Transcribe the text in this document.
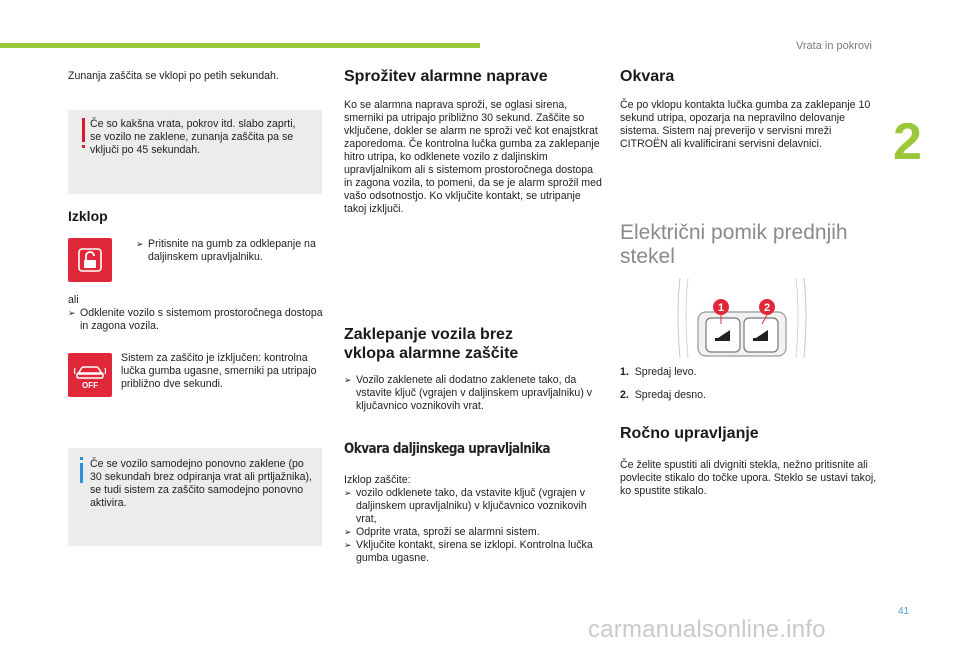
Vrata in pokrovi
2
Zunanja zaščita se vklopi po petih sekundah.
Če so kakšna vrata, pokrov itd. slabo zaprti, se vozilo ne zaklene, zunanja zaščita pa se vključi po 45 sekundah.
Izklop
➢ Pritisnite na gumb za odklepanje na daljinskem upravljalniku.
ali
➢ Odklenite vozilo s sistemom prostoročnega dostopa in zagona vozila.
OFF
Sistem za zaščito je izključen: kontrolna lučka gumba ugasne, smerniki pa utripajo približno dve sekundi.
Če se vozilo samodejno ponovno zaklene (po 30 sekundah brez odpiranja vrat ali prtljažnika), se tudi sistem za zaščito samodejno ponovno aktivira.
Sprožitev alarmne naprave
Ko se alarmna naprava sproži, se oglasi sirena, smerniki pa utripajo približno 30 sekund. Zaščite so vključene, dokler se alarm ne sproži več kot enajstkrat zaporedoma. Če kontrolna lučka gumba za zaklepanje hitro utripa, ko odklenete vozilo z daljinskim upravljalnikom ali s sistemom prostoročnega dostopa in zagona vozila, to pomeni, da se je alarm sprožil med vašo odsotnostjo. Ko vključite kontakt, se utripanje takoj izključi.
Zaklepanje vozila brez
vklopa alarmne zaščite
➢ Vozilo zaklenete ali dodatno zaklenete tako, da vstavite ključ (vgrajen v daljinskem upravljalniku) v ključavnico voznikovih vrat.
Okvara daljinskega upravljalnika
Izklop zaščite:
➢ vozilo odklenete tako, da vstavite ključ (vgrajen v daljinskem upravljalniku) v ključavnico voznikovih vrat,
➢ Odprite vrata, sproži se alarmni sistem.
➢ Vključite kontakt, sirena se izklopi. Kontrolna lučka gumba ugasne.
Okvara
Če po vklopu kontakta lučka gumba za zaklepanje 10 sekund utripa, opozarja na nepravilno delovanje sistema. Sistem naj preverijo v servisni mreži CITROËN ali kvalificirani servisni delavnici.
Električni pomik prednjih
stekel
1	2
1. Spredaj levo.
2. Spredaj desno.
Ročno upravljanje
Če želite spustiti ali dvigniti stekla, nežno pritisnite ali povlecite stikalo do točke upora. Steklo se ustavi takoj, ko spustite stikalo.
41
carmanualsonline.info
